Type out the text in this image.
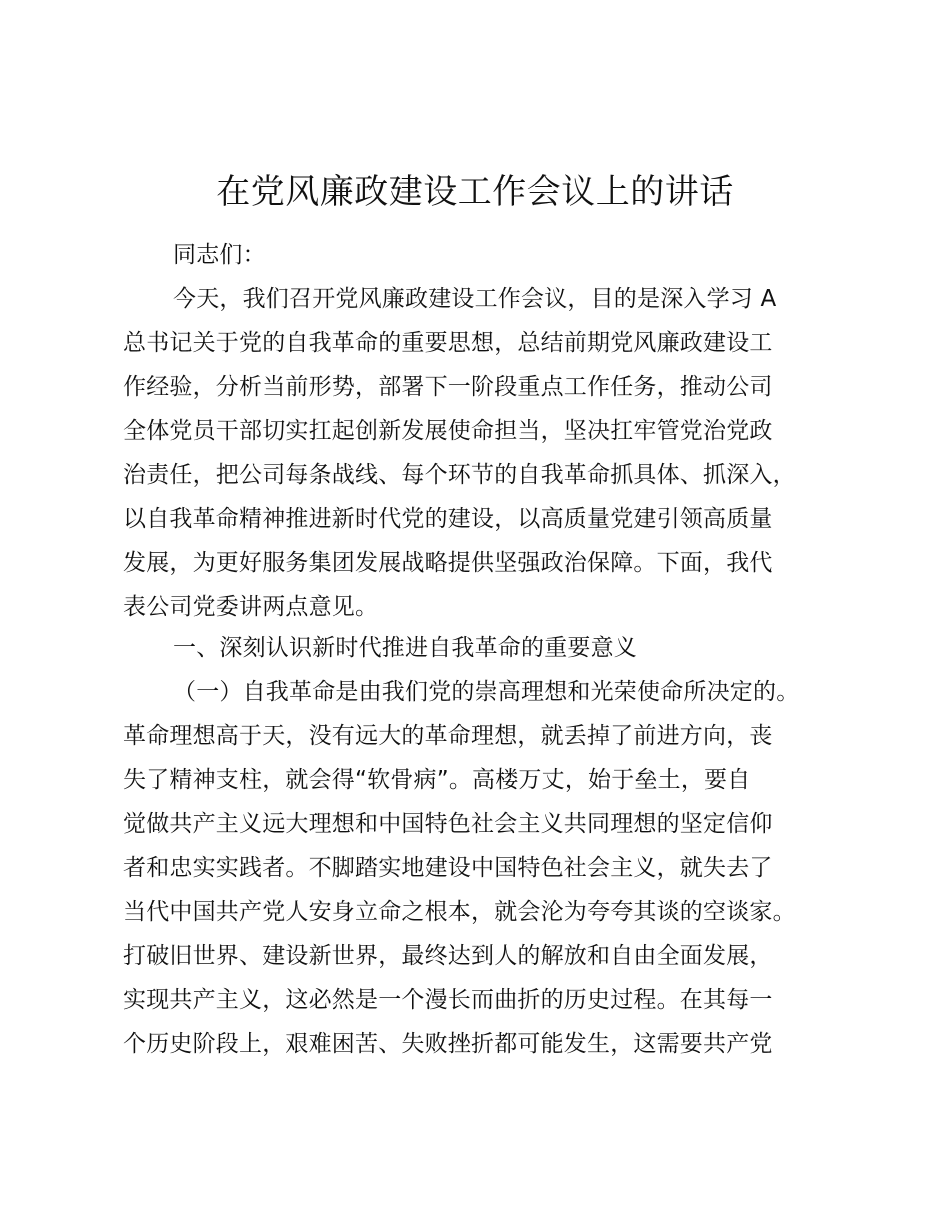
在党风廉政建设工作会议上的讲话
同志们：
今天，我们召开党风廉政建设工作会议，目的是深入学习 A
总书记关于党的自我革命的重要思想，总结前期党风廉政建设工
作经验，分析当前形势，部署下一阶段重点工作任务，推动公司
全体党员干部切实扛起创新发展使命担当，坚决扛牢管党治党政
治责任，把公司每条战线、每个环节的自我革命抓具体、抓深入，
以自我革命精神推进新时代党的建设，以高质量党建引领高质量
发展，为更好服务集团发展战略提供坚强政治保障。下面，我代
表公司党委讲两点意见。
一、深刻认识新时代推进自我革命的重要意义
（一）自我革命是由我们党的崇高理想和光荣使命所决定的。
革命理想高于天，没有远大的革命理想，就丢掉了前进方向，丧
失了精神支柱，就会得“软骨病”。高楼万丈，始于垒土，要自
觉做共产主义远大理想和中国特色社会主义共同理想的坚定信仰
者和忠实实践者。不脚踏实地建设中国特色社会主义，就失去了
当代中国共产党人安身立命之根本，就会沦为夸夸其谈的空谈家。
打破旧世界、建设新世界，最终达到人的解放和自由全面发展，
实现共产主义，这必然是一个漫长而曲折的历史过程。在其每一
个历史阶段上，艰难困苦、失败挫折都可能发生，这需要共产党
